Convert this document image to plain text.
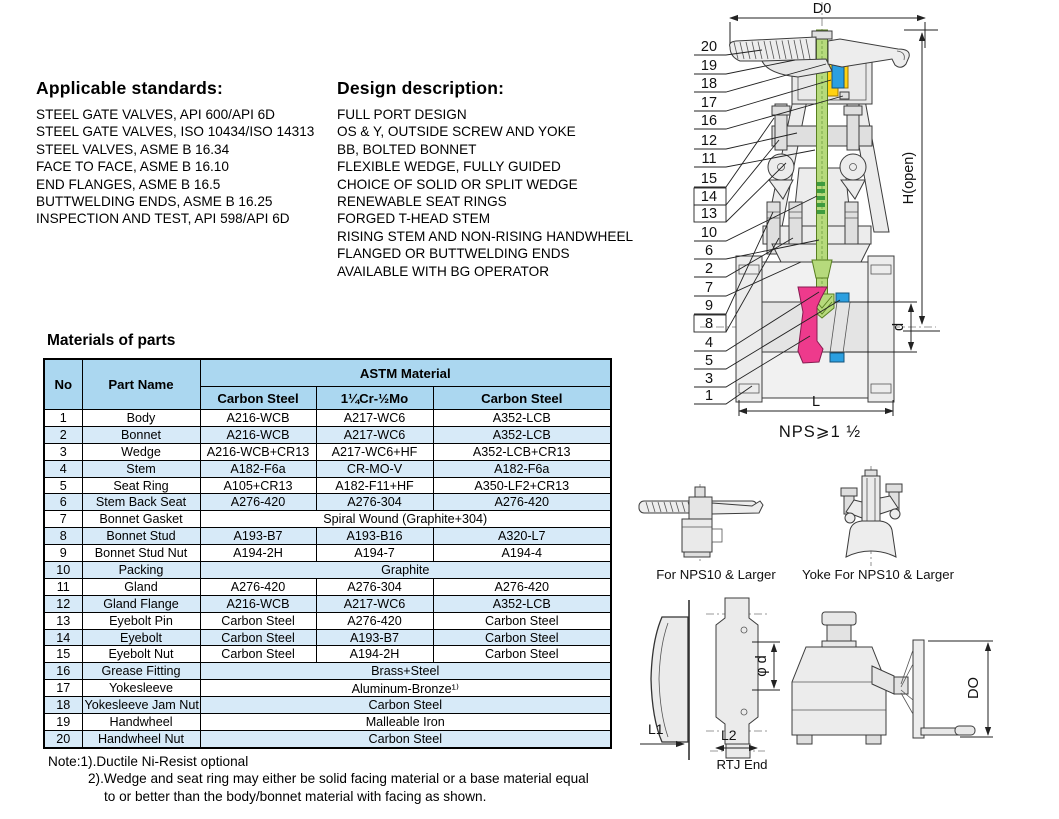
Applicable standards:
STEEL GATE VALVES, API 600/API 6D
STEEL GATE VALVES, ISO 10434/ISO 14313
STEEL VALVES, ASME B 16.34
FACE TO FACE, ASME B 16.10
END FLANGES, ASME B 16.5
BUTTWELDING ENDS, ASME B 16.25
INSPECTION AND TEST, API 598/API 6D
Design description:
FULL PORT DESIGN
OS & Y, OUTSIDE SCREW AND YOKE
BB, BOLTED BONNET
FLEXIBLE WEDGE, FULLY GUIDED
CHOICE OF SOLID OR SPLIT WEDGE
RENEWABLE SEAT RINGS
FORGED T-HEAD STEM
RISING STEM AND NON-RISING HANDWHEEL
FLANGED OR BUTTWELDING ENDS
AVAILABLE WITH BG OPERATOR
Materials of parts
No	Part Name	ASTM Material		
		Carbon Steel	1¼Cr-½Mo	Carbon Steel
1	Body	A216-WCB	A217-WC6	A352-LCB
2	Bonnet	A216-WCB	A217-WC6	A352-LCB
3	Wedge	A216-WCB+CR13	A217-WC6+HF	A352-LCB+CR13
4	Stem	A182-F6a	CR-MO-V	A182-F6a
5	Seat Ring	A105+CR13	A182-F11+HF	A350-LF2+CR13
6	Stem Back Seat	A276-420	A276-304	A276-420
7	Bonnet Gasket	Spiral Wound (Graphite+304)		
8	Bonnet Stud	A193-B7	A193-B16	A320-L7
9	Bonnet Stud Nut	A194-2H	A194-7	A194-4
10	Packing	Graphite		
11	Gland	A276-420	A276-304	A276-420
12	Gland Flange	A216-WCB	A217-WC6	A352-LCB
13	Eyebolt Pin	Carbon Steel	A276-420	Carbon Steel
14	Eyebolt	Carbon Steel	A193-B7	Carbon Steel
15	Eyebolt Nut	Carbon Steel	A194-2H	Carbon Steel
16	Grease Fitting	Brass+Steel		
17	Yokesleeve	Aluminum-Bronze¹⁾		
18	Yokesleeve Jam Nut	Carbon Steel		
19	Handwheel	Malleable Iron		
20	Handwheel Nut	Carbon Steel		
Note:1).Ductile Ni-Resist optional
2).Wedge and seat ring may either be solid facing material or a base material equal
to or better than the body/bonnet material with facing as shown.
D0
H(open)
d
L
NPS⩾1 ½
20
19
18
17
16
12
11
15
14
13
10
6
2
7
9
8
4
5
3
1
For NPS10 & Larger Yoke For NPS10 & Larger
L1
φ d
L2
RTJ End
DO
